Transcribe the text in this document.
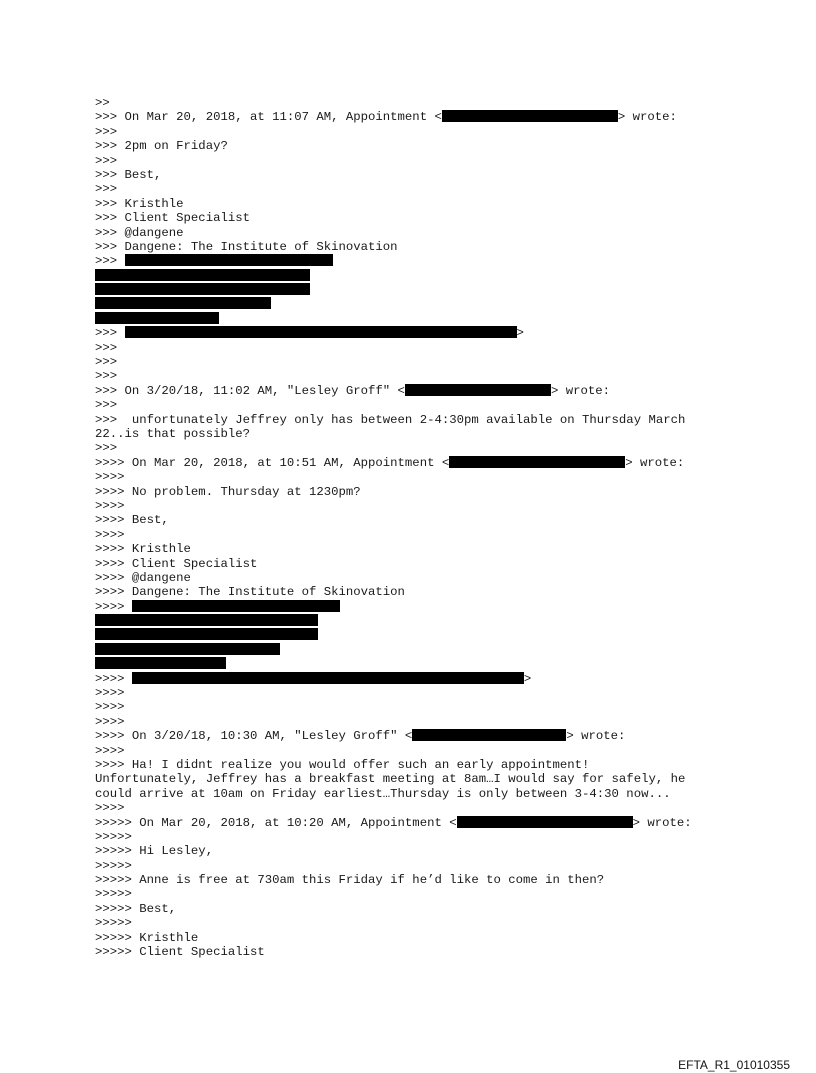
>>
>>> On Mar 20, 2018, at 11:07 AM, Appointment <	> wrote:
>>>
>>> 2pm on Friday?
>>>
>>> Best,
>>>
>>> Kristhle
>>> Client Specialist
>>> @dangene
>>> Dangene: The Institute of Skinovation
>>>
>>>	>
>>>
>>>
>>>
>>> On 3/20/18, 11:02 AM, "Lesley Groff" <	> wrote:
>>>
>>>  unfortunately Jeffrey only has between 2-4:30pm available on Thursday March
22..is that possible?
>>>
>>>> On Mar 20, 2018, at 10:51 AM, Appointment <	> wrote:
>>>>
>>>> No problem. Thursday at 1230pm?
>>>>
>>>> Best,
>>>>
>>>> Kristhle
>>>> Client Specialist
>>>> @dangene
>>>> Dangene: The Institute of Skinovation
>>>>
>>>>	>
>>>>
>>>>
>>>>
>>>> On 3/20/18, 10:30 AM, "Lesley Groff" <	> wrote:
>>>>
>>>> Ha! I didnt realize you would offer such an early appointment!
Unfortunately, Jeffrey has a breakfast meeting at 8am…I would say for safely, he
could arrive at 10am on Friday earliest…Thursday is only between 3-4:30 now...
>>>>
>>>>> On Mar 20, 2018, at 10:20 AM, Appointment <	> wrote:
>>>>>
>>>>> Hi Lesley,
>>>>>
>>>>> Anne is free at 730am this Friday if he’d like to come in then?
>>>>>
>>>>> Best,
>>>>>
>>>>> Kristhle
>>>>> Client Specialist
EFTA_R1_01010355
